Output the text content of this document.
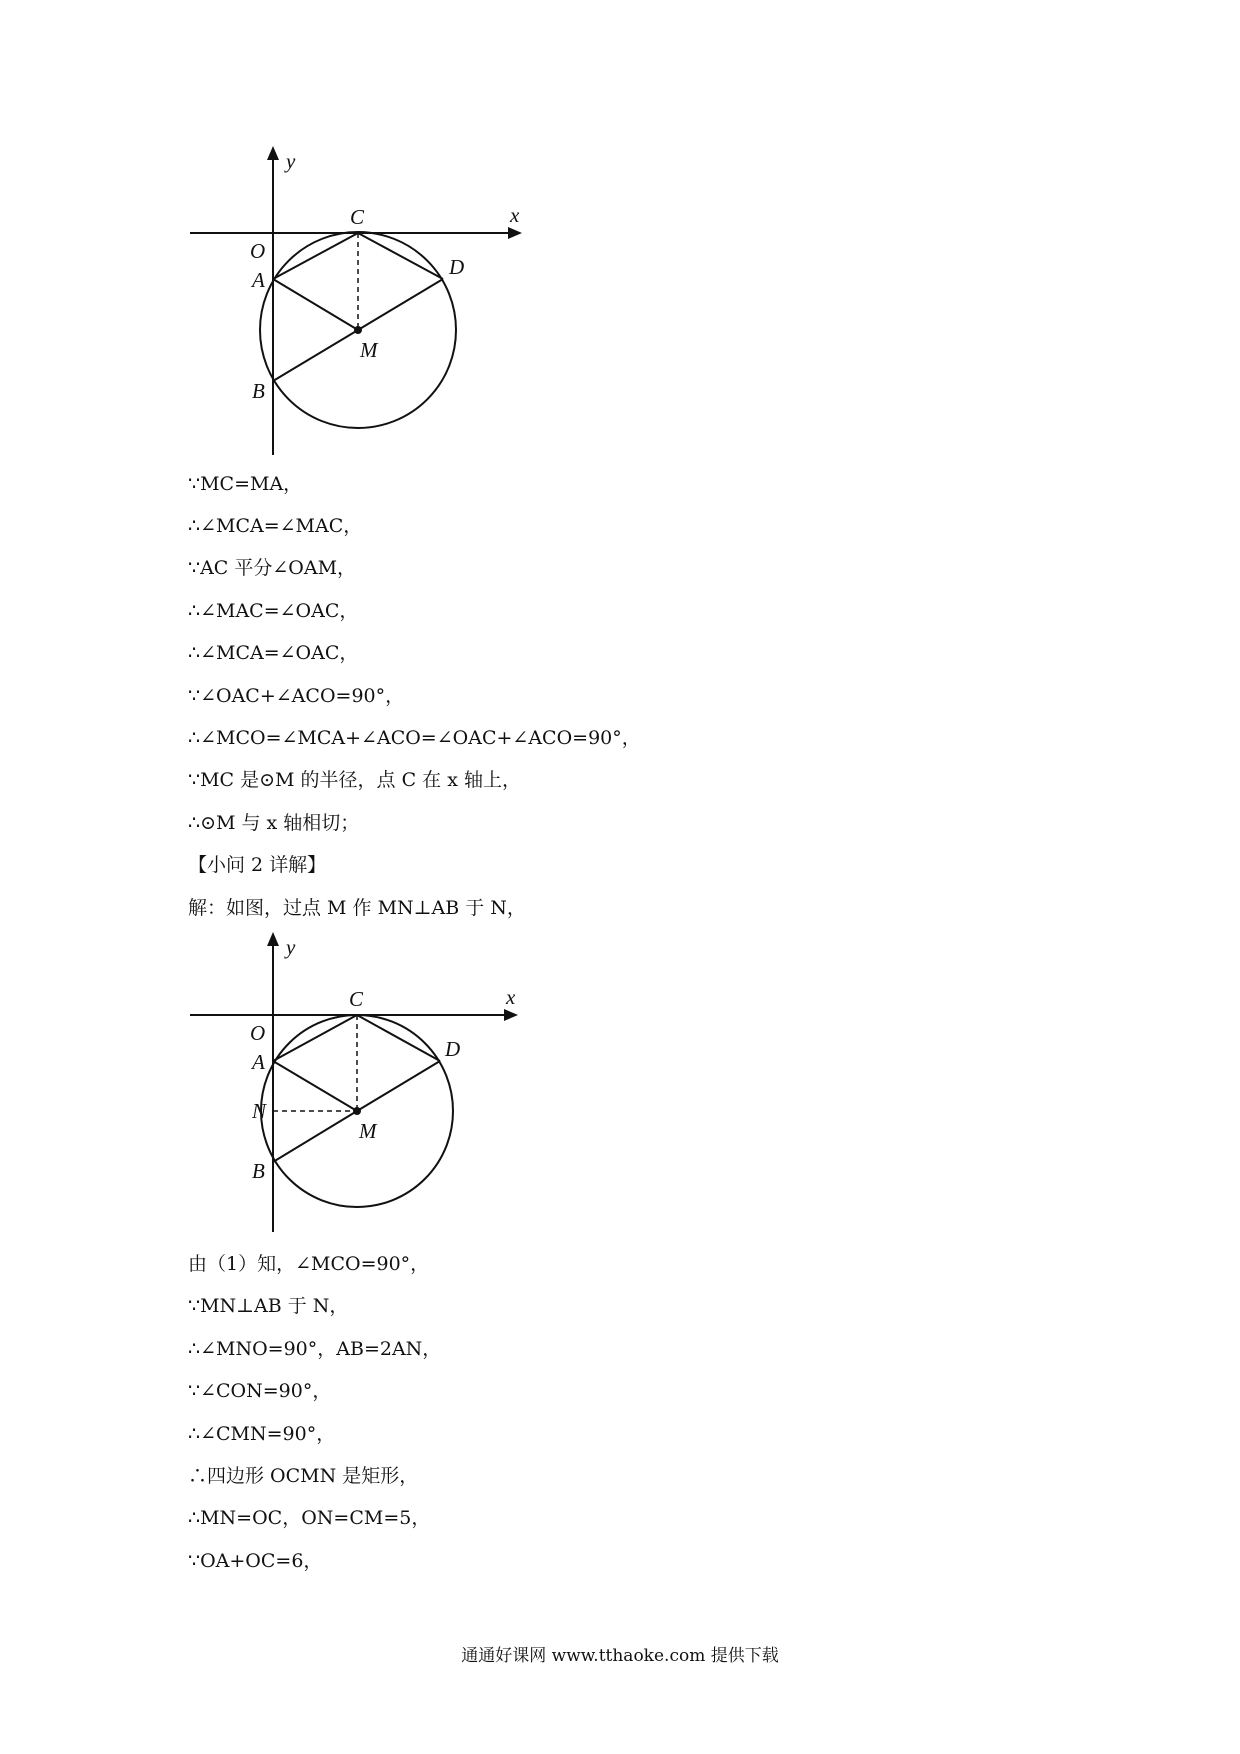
x
y
O
C
A
D
M
B
∵MC=MA，
∴∠MCA=∠MAC，
∵AC 平分∠OAM，
∴∠MAC=∠OAC，
∴∠MCA=∠OAC，
∵∠OAC+∠ACO=90°，
∴∠MCO=∠MCA+∠ACO=∠OAC+∠ACO=90°，
∵MC 是⊙M 的半径，点 C 在 x 轴上，
∴⊙M 与 x 轴相切；
【小问 2 详解】
解：如图，过点 M 作 MN⊥AB 于 N，
x
y
O
C
A
D
N
M
B
由（1）知，∠MCO=90°，
∵MN⊥AB 于 N，
∴∠MNO=90°，AB=2AN，
∵∠CON=90°，
∴∠CMN=90°，
∴四边形 OCMN 是矩形，
∴MN=OC，ON=CM=5，
∵OA+OC=6，
通通好课网 www.tthaoke.com 提供下载
